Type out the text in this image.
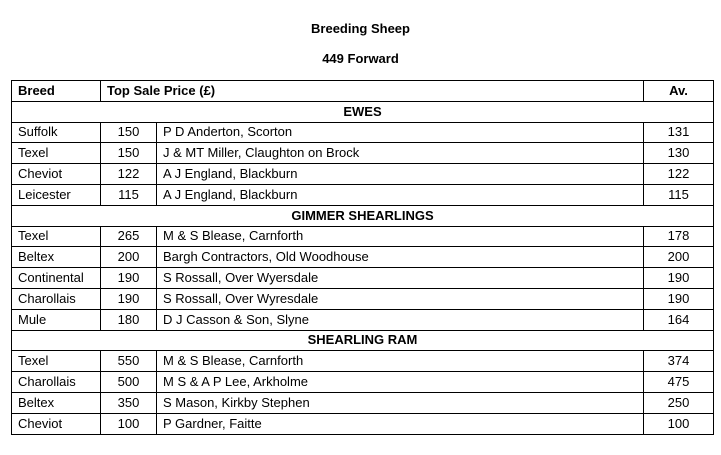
Breeding Sheep
449 Forward
Breed	Top Sale Price (£)		Av.
EWES			
Suffolk	150	P D Anderton, Scorton	131
Texel	150	J & MT Miller, Claughton on Brock	130
Cheviot	122	A J England, Blackburn	122
Leicester	115	A J England, Blackburn	115
GIMMER SHEARLINGS			
Texel	265	M & S Blease, Carnforth	178
Beltex	200	Bargh Contractors, Old Woodhouse	200
Continental	190	S Rossall, Over Wyersdale	190
Charollais	190	S Rossall, Over Wyresdale	190
Mule	180	D J Casson & Son, Slyne	164
SHEARLING RAM			
Texel	550	M & S Blease, Carnforth	374
Charollais	500	M S & A P Lee, Arkholme	475
Beltex	350	S Mason, Kirkby Stephen	250
Cheviot	100	P Gardner, Faitte	100
